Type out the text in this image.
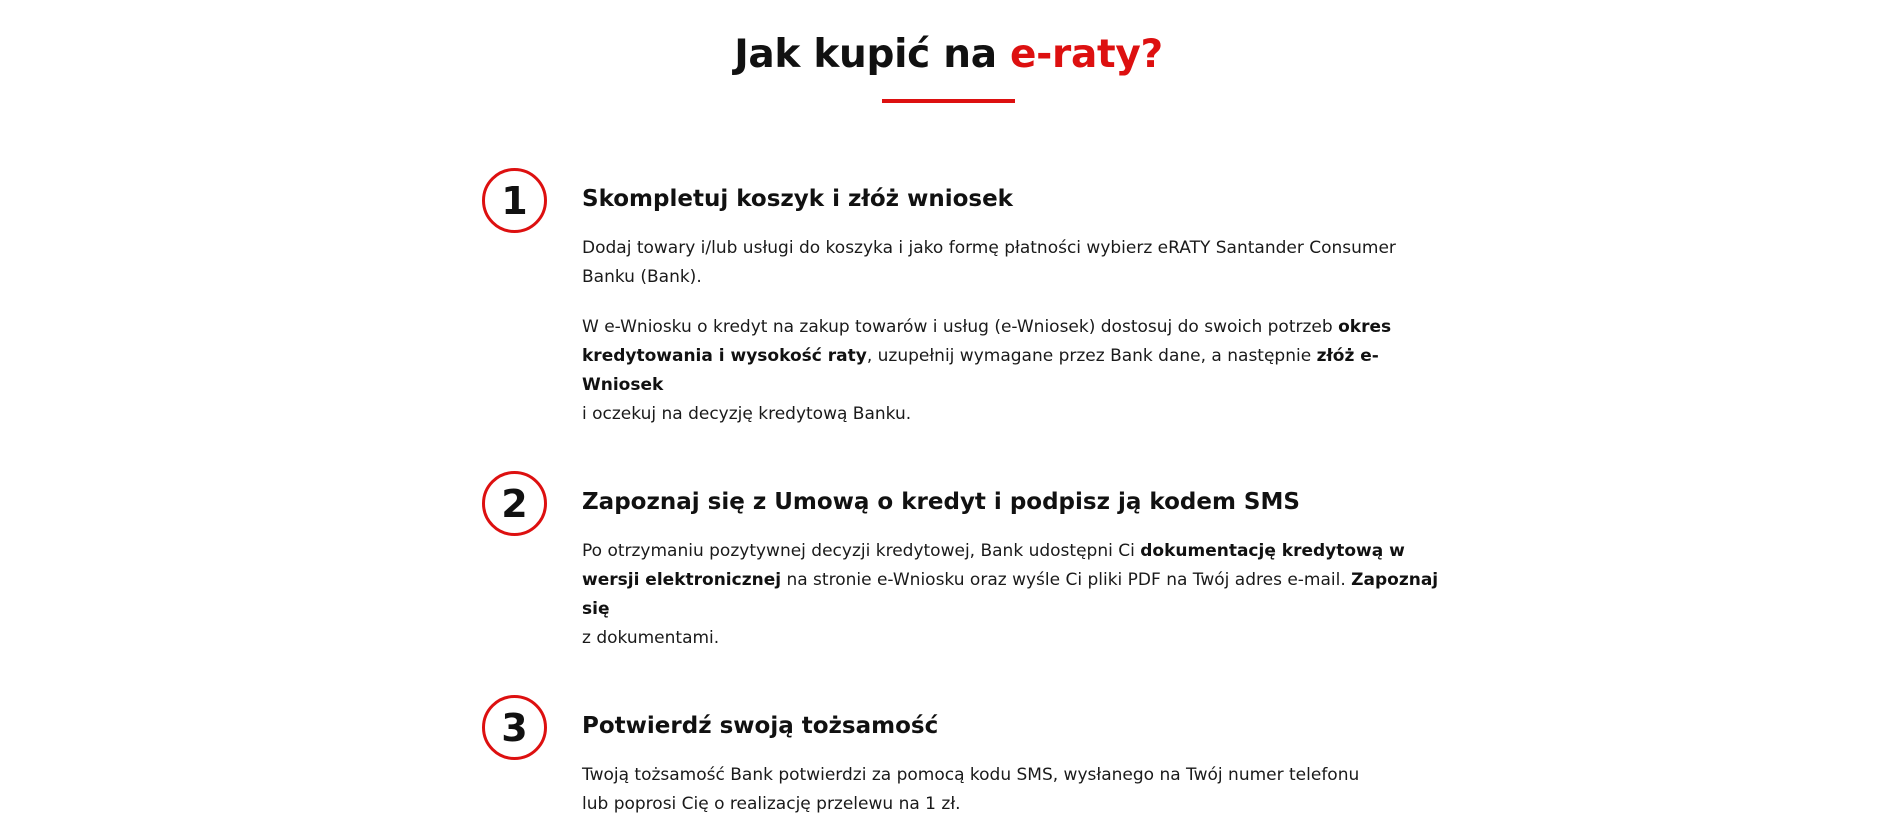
Jak kupić na e-raty?
1	Skompletuj koszyk i złóż wniosek

Dodaj towary i/lub usługi do koszyka i jako formę płatności wybierz eRATY Santander Consumer Banku (Bank).

W e-Wniosku o kredyt na zakup towarów i usług (e-Wniosek) dostosuj do swoich potrzeb okres kredytowania i wysokość raty, uzupełnij wymagane przez Bank dane, a następnie złóż e-Wniosek
i oczekuj na decyzję kredytową Banku.

2	Zapoznaj się z Umową o kredyt i podpisz ją kodem SMS

Po otrzymaniu pozytywnej decyzji kredytowej, Bank udostępni Ci dokumentację kredytową w wersji elektronicznej na stronie e-Wniosku oraz wyśle Ci pliki PDF na Twój adres e-mail. Zapoznaj się
z dokumentami.

3	Potwierdź swoją tożsamość

Twoją tożsamość Bank potwierdzi za pomocą kodu SMS, wysłanego na Twój numer telefonu lub poprosi Cię o realizację przelewu na 1 zł.
